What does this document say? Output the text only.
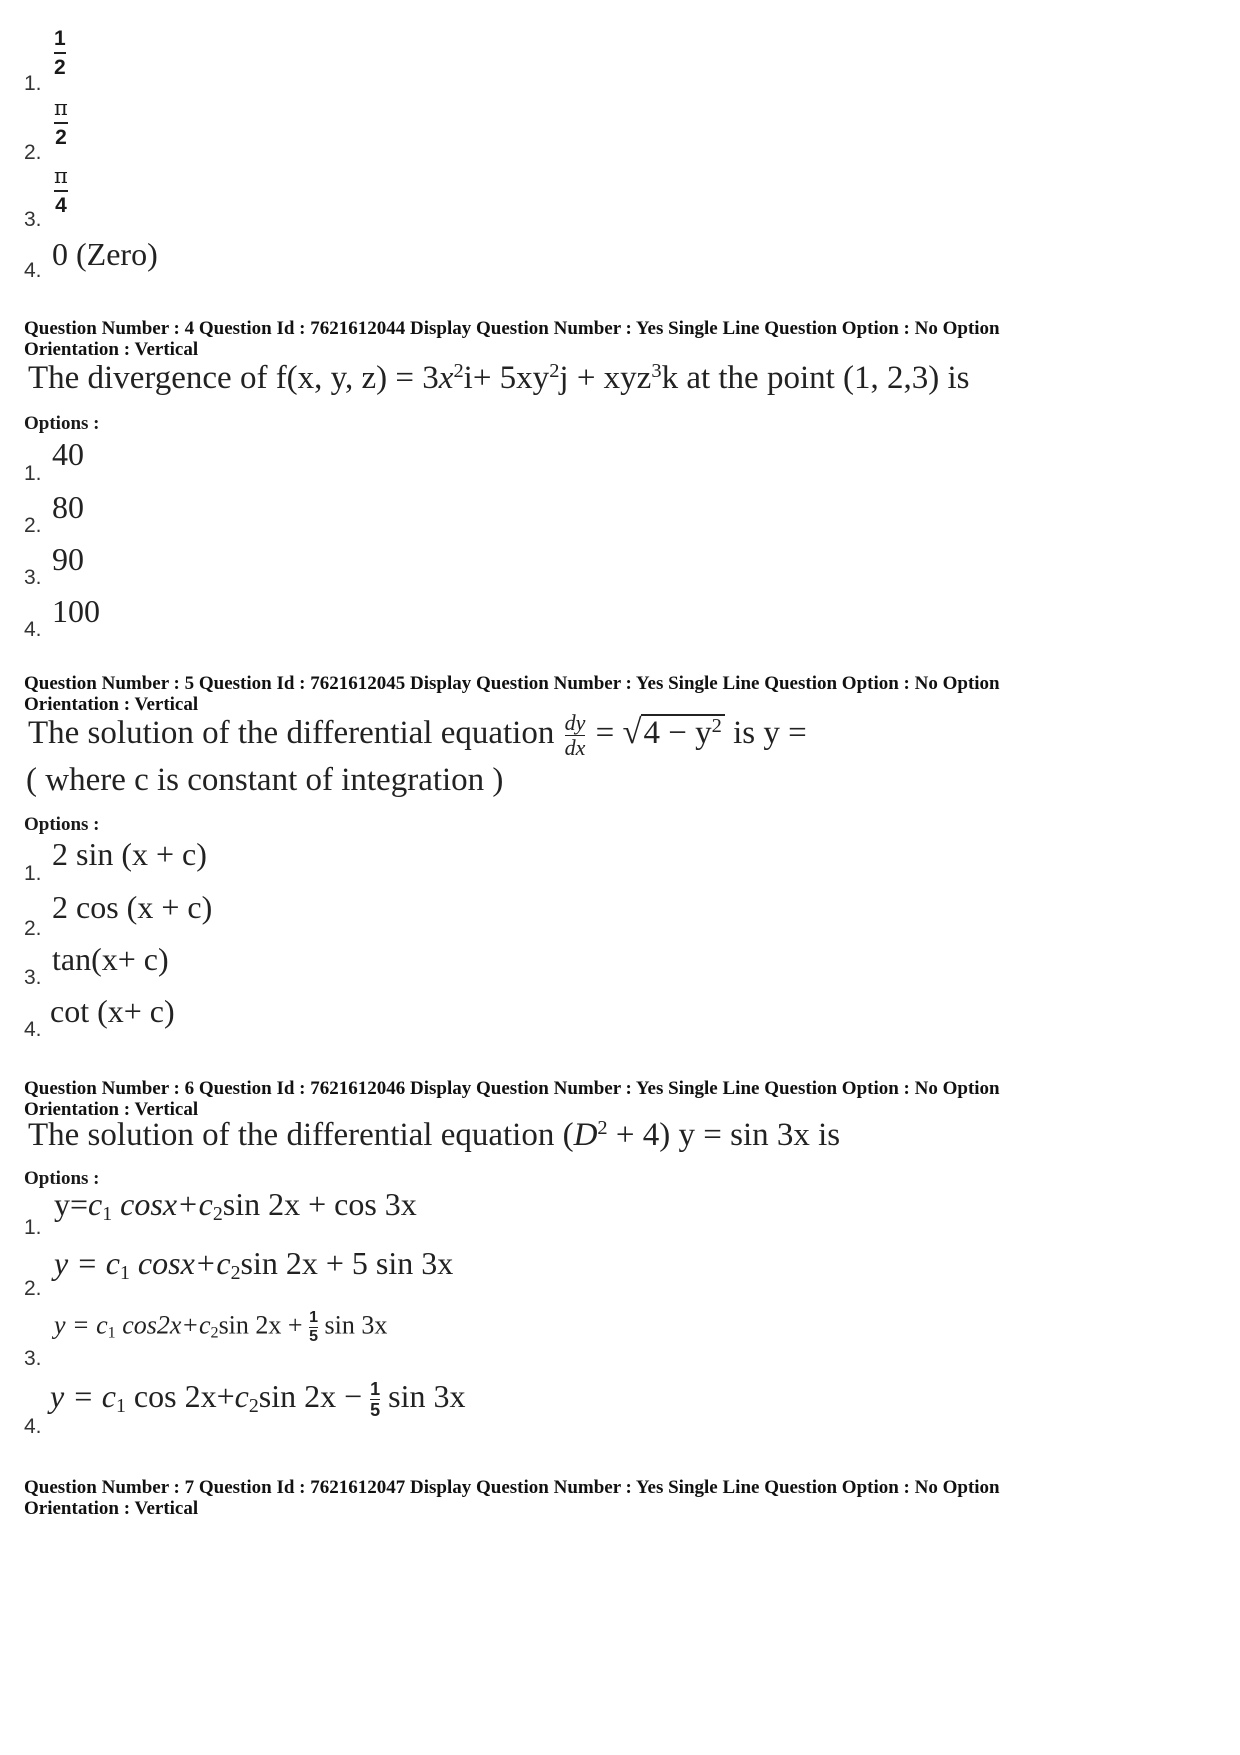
1.
1
2
2.
π
2
3.
π
4
4. 0 (Zero)
Question Number : 4 Question Id : 7621612044 Display Question Number : Yes Single Line Question Option : No Option
Orientation : Vertical
The divergence of f(x, y, $z) = 3x^2i+ 5xy^2j + xyz^3k$ at the point (1, 2,3) is
Options :
1.
40
2.
80
3.
90
4.
100
Question Number : 5 Question Id : 7621612045 Display Question Number : Yes Single Line Question Option : No Option
Orientation : Vertical
The solution of the differential equation $\frac{dy}{dx} = √4 - y^2$ is y =
( where c is constant of integration )
Options :
1.
2 sin (x + c)
2.
2 cos (x + c)
3.
tan(x+ c)
4.
cot (x+ c)
Question Number : 6 Question Id : 7621612046 Display Question Number : Yes Single Line Question Option : No Option
Orientation : Vertical
The solution of the differential equation $(D^2 + 4) y = \sin 3x$ is
Options :
1.
$y=c_1$ $\cos x+c_2\sin$ 2x + cos 3x
2.
$y = c_1$ $\cos x+c_2\sin$ 2x + 5 sin 3x
3.
$y = c_1$ $\cos 2x+c_2\sin$ $2x + \frac{1}{5}$ sin 3x
4.
$y = c_1$ $\cos 2x+c_2\sin$ $2x - \frac{1}{5}$ sin 3x
Question Number : 7 Question Id : 7621612047 Display Question Number : Yes Single Line Question Option : No Option
Orientation : Vertical
